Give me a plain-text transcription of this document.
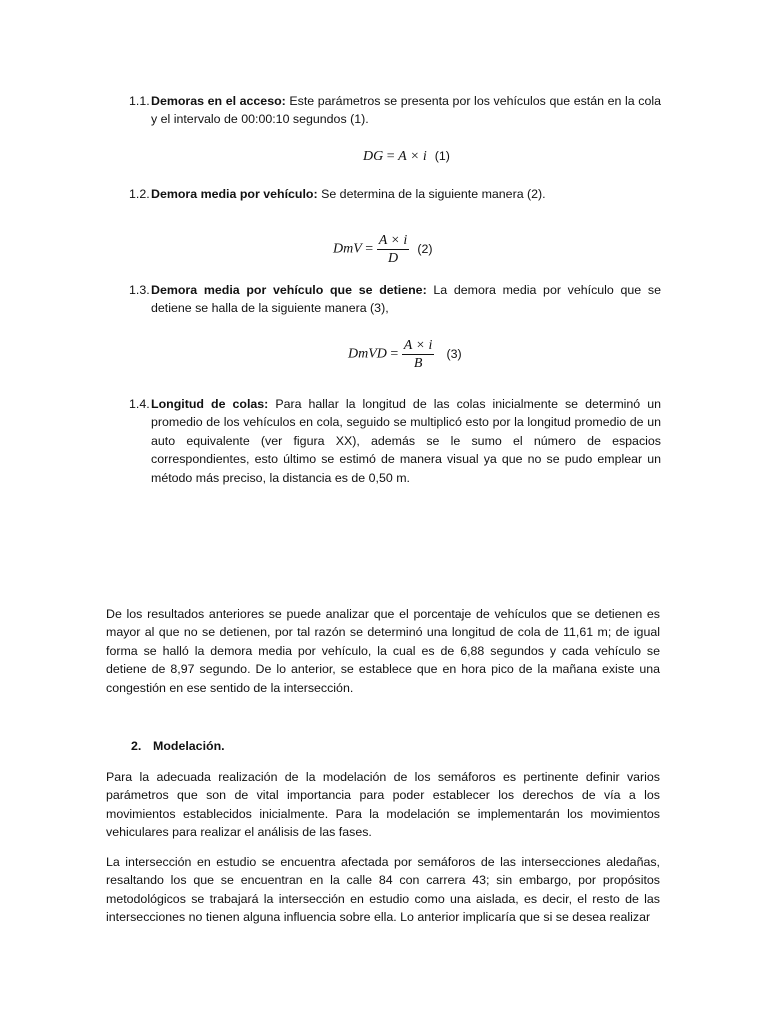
1.1. Demoras en el acceso: Este parámetros se presenta por los vehículos que están en la cola y el intervalo de 00:00:10 segundos (1).
DG = A × i (1)
1.2. Demora media por vehículo: Se determina de la siguiente manera (2).
DmV = $\frac{A \times i}{D} (2)$
1.3. Demora media por vehículo que se detiene: La demora media por vehículo que se detiene se halla de la siguiente manera (3),
DmVD = $\frac{A \times i}{B} (3)$
1.4. Longitud de colas: Para hallar la longitud de las colas inicialmente se determinó un promedio de los vehículos en cola, seguido se multiplicó esto por la longitud promedio de un auto equivalente (ver figura XX), además se le sumo el número de espacios correspondientes, esto último se estimó de manera visual ya que no se pudo emplear un método más preciso, la distancia es de 0,50 m.
De los resultados anteriores se puede analizar que el porcentaje de vehículos que se detienen es mayor al que no se detienen, por tal razón se determinó una longitud de cola de 11,61 m; de igual forma se halló la demora media por vehículo, la cual es de 6,88 segundos y cada vehículo se detiene de 8,97 segundo. De lo anterior, se establece que en hora pico de la mañana existe una congestión en ese sentido de la intersección.
2. Modelación.
Para la adecuada realización de la modelación de los semáforos es pertinente definir varios parámetros que son de vital importancia para poder establecer los derechos de vía a los movimientos establecidos inicialmente. Para la modelación se implementarán los movimientos vehiculares para realizar el análisis de las fases.
La intersección en estudio se encuentra afectada por semáforos de las intersecciones aledañas, resaltando los que se encuentran en la calle 84 con carrera 43; sin embargo, por propósitos metodológicos se trabajará la intersección en estudio como una aislada, es decir, el resto de las intersecciones no tienen alguna influencia sobre ella. Lo anterior implicaría que si se desea realizar
